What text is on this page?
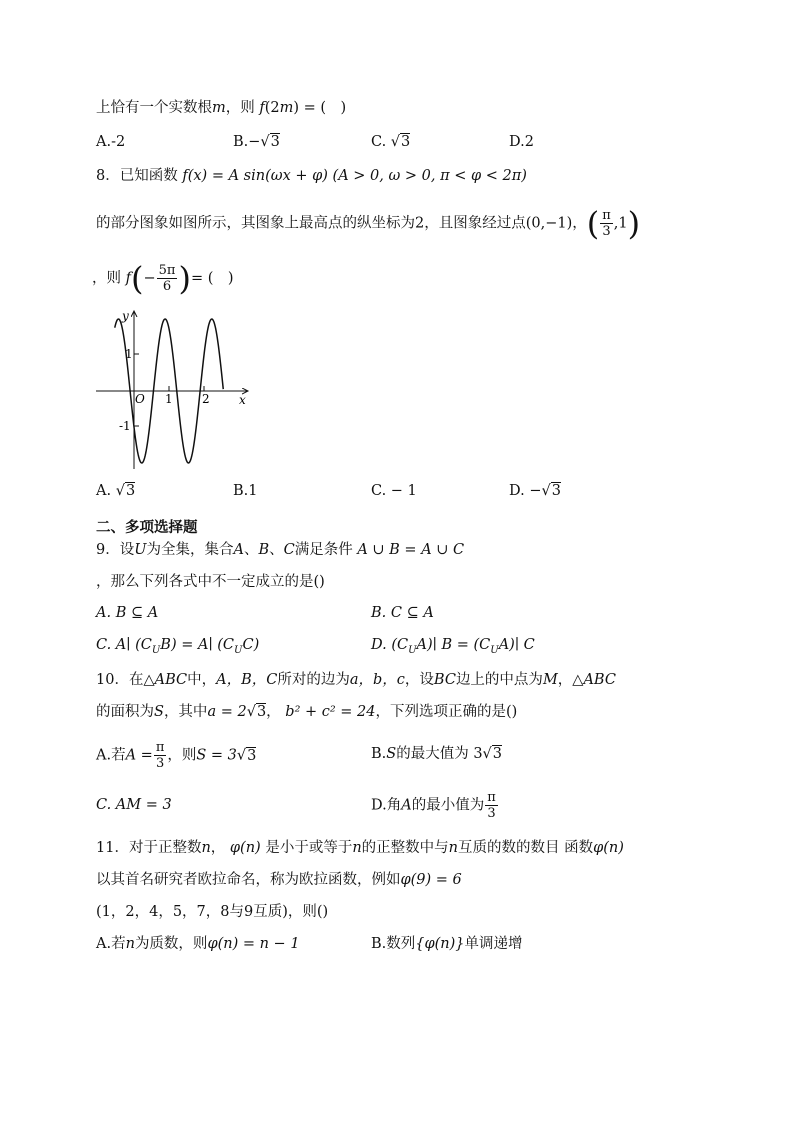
上恰有一个实数根m，则 f(2m) = (　)
A.-2	B.−√3	C. √3	D.2
8．已知函数 f(x) = A sin(ωx + φ) (A > 0, ω > 0, π < φ < 2π)
的部分图象如图所示，其图象上最高点的纵坐标为2，且图象经过点(0,−1)，( $\frac{\pi}{3} ,1$)
，则 $f(- \frac{5\pi}{6}$ )= (　)
y
x
O
1
-1
1 2
A. √3	B.1	C. − 1	D. −√3
二、多项选择题
9．设U为全集，集合A、B、C满足条件 A ∪ B = A ∪ C
，那么下列各式中不一定成立的是()
A. B ⊆ A	B. C ⊆ A
C. A∣ $(C_UB)$ = A∣ $(C_UC)$	D. $(C_UA)∣$ $B = (C_UA)∣$ C
10．在△ABC中，A，B，C所对的边为a，b，c，设BC边上的中点为M，△ABC
的面积为S，其中a = 2√3， b² + c² = 24，下列选项正确的是()
A.若$A = \frac{\pi}{3}$ ，则S = 3√3	B.S的最大值为 3√3
C. AM = 3	D.角A的最小值为 $\frac{\pi}{3}$
11．对于正整数n， φ(n) 是小于或等于n的正整数中与n互质的数的数目 函数φ(n)
以其首名研究者欧拉命名，称为欧拉函数，例如φ(9) = 6
(1，2，4，5，7，8与9互质)，则()
A.若n为质数，则φ(n) = n − 1	B.数列{φ(n)}单调递增
